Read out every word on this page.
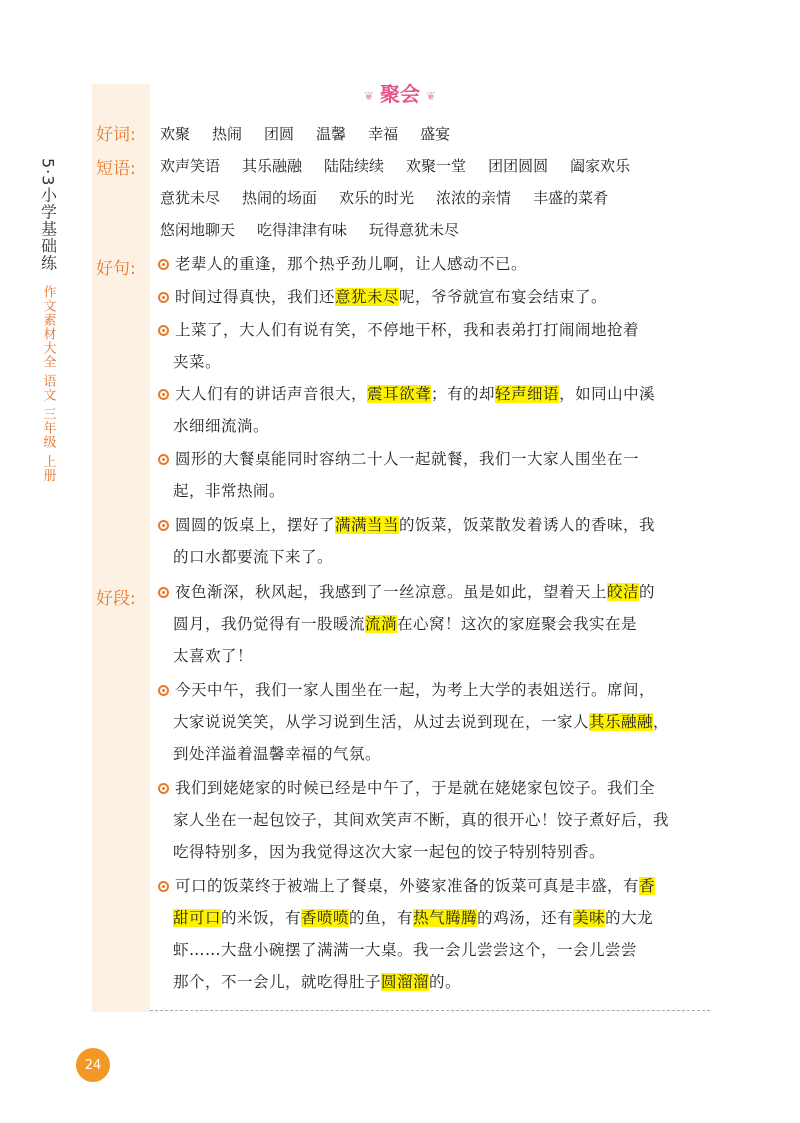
5·3小学基础练
作文素材大全 语文 三年级 上册
❦ 聚会 ❦
好词:	欢聚 热闹 团圆 温馨 幸福 盛宴
短语:	欢声笑语 其乐融融 陆陆续续 欢聚一堂 团团圆圆 阖家欢乐
意犹未尽 热闹的场面 欢乐的时光 浓浓的亲情 丰盛的菜肴
悠闲地聊天 吃得津津有味 玩得意犹未尽
好句:	老辈人的重逢，那个热乎劲儿啊，让人感动不已。
时间过得真快，我们还意犹未尽呢，爷爷就宣布宴会结束了。
上菜了，大人们有说有笑，不停地干杯，我和表弟打打闹闹地抢着
夹菜。
大人们有的讲话声音很大，震耳欲聋；有的却轻声细语，如同山中溪
水细细流淌。
圆形的大餐桌能同时容纳二十人一起就餐，我们一大家人围坐在一
起，非常热闹。
圆圆的饭桌上，摆好了满满当当的饭菜，饭菜散发着诱人的香味，我
的口水都要流下来了。
好段:	夜色渐深，秋风起，我感到了一丝凉意。虽是如此，望着天上皎洁的
圆月，我仍觉得有一股暖流流淌在心窝！这次的家庭聚会我实在是
太喜欢了！
今天中午，我们一家人围坐在一起，为考上大学的表姐送行。席间，
大家说说笑笑，从学习说到生活，从过去说到现在，一家人其乐融融，
到处洋溢着温馨幸福的气氛。
我们到姥姥家的时候已经是中午了，于是就在姥姥家包饺子。我们全
家人坐在一起包饺子，其间欢笑声不断，真的很开心！饺子煮好后，我
吃得特别多，因为我觉得这次大家一起包的饺子特别特别香。
可口的饭菜终于被端上了餐桌，外婆家准备的饭菜可真是丰盛，有香
甜可口的米饭，有香喷喷的鱼，有热气腾腾的鸡汤，还有美味的大龙
虾……大盘小碗摆了满满一大桌。我一会儿尝尝这个，一会儿尝尝
那个，不一会儿，就吃得肚子圆溜溜的。
24
